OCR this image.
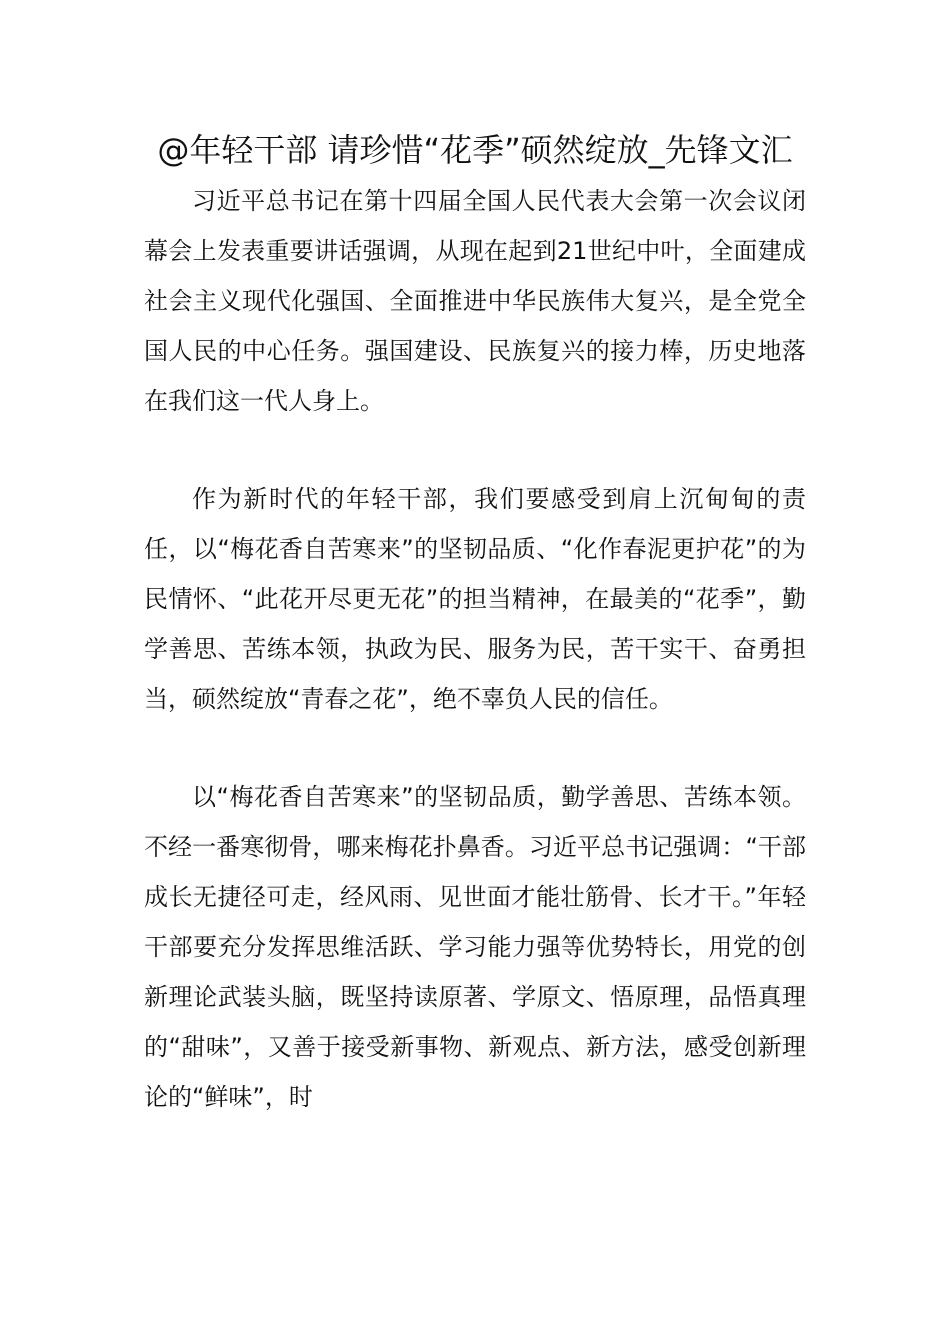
@年轻干部 请珍惜“花季”硕然绽放_先锋文汇

习近平总书记在第十四届全国人民代表大会第一次会议闭幕会上发表重要讲话强调，从现在起到21世纪中叶，全面建成社会主义现代化强国、全面推进中华民族伟大复兴，是全党全国人民的中心任务。强国建设、民族复兴的接力棒，历史地落在我们这一代人身上。

作为新时代的年轻干部，我们要感受到肩上沉甸甸的责任，以“梅花香自苦寒来”的坚韧品质、“化作春泥更护花”的为民情怀、“此花开尽更无花”的担当精神，在最美的“花季”，勤学善思、苦练本领，执政为民、服务为民，苦干实干、奋勇担当，硕然绽放“青春之花”，绝不辜负人民的信任。

以“梅花香自苦寒来”的坚韧品质，勤学善思、苦练本领。不经一番寒彻骨，哪来梅花扑鼻香。习近平总书记强调：“干部成长无捷径可走，经风雨、见世面才能壮筋骨、长才干。”年轻干部要充分发挥思维活跃、学习能力强等优势特长，用党的创新理论武装头脑，既坚持读原著、学原文、悟原理，品悟真理的“甜味”，又善于接受新事物、新观点、新方法，感受创新理论的“鲜味”，时
